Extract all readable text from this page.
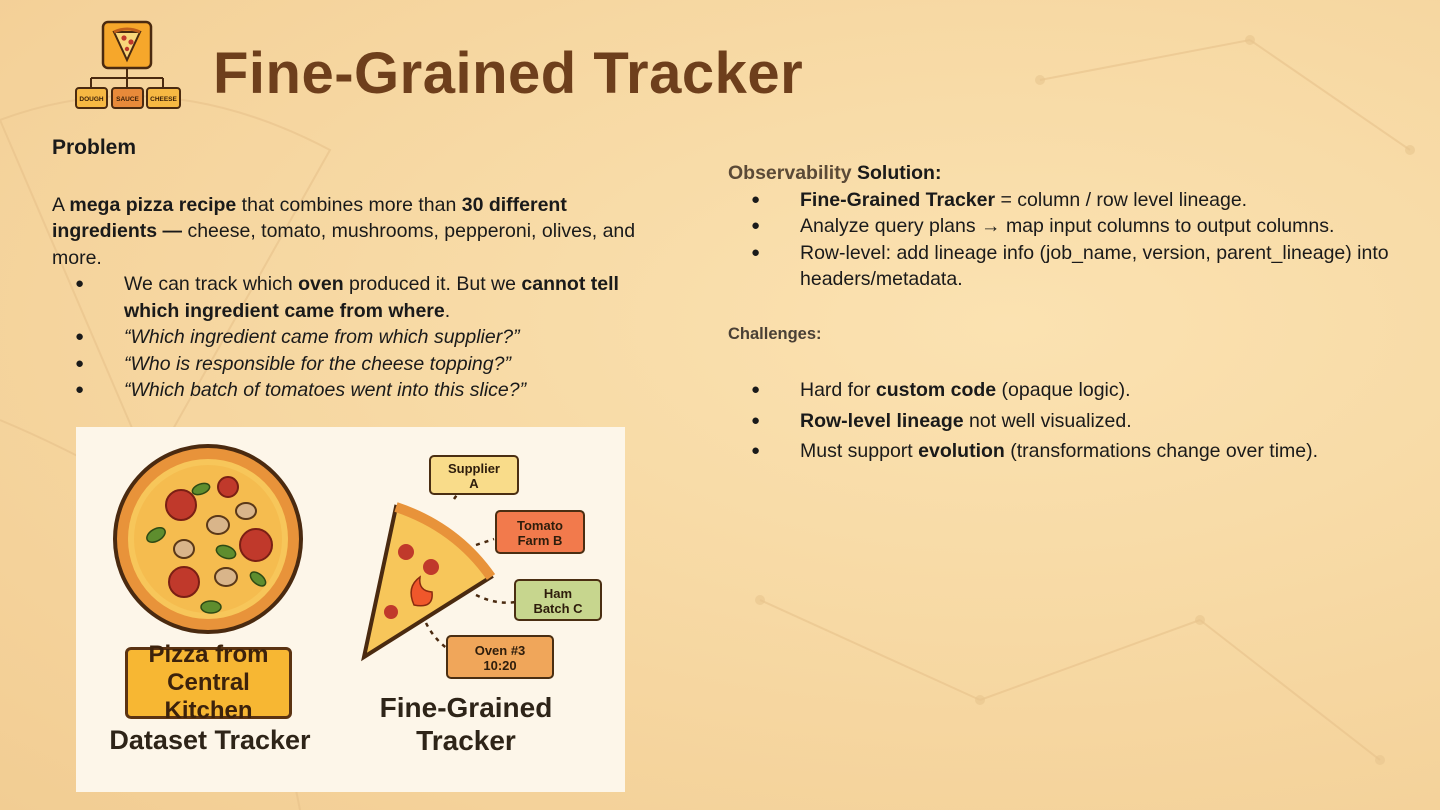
DOUGH SAUCE CHEESE Fine-Grained Tracker

Problem

A mega pizza recipe that combines more than 30 different ingredients — cheese, tomato, mushrooms, pepperoni, olives, and more.

● We can track which oven produced it. But we cannot tell which ingredient came from where.
● “Which ingredient came from which supplier?”
● “Who is responsible for the cheese topping?”
● “Which batch of tomatoes went into this slice?”
Supplier
A
Tomato
Farm B
Ham
Batch C
Oven #3
10:20
Pizza from
Central Kitchen
Dataset Tracker
Fine-Grained
Tracker

Observability Solution:

● Fine-Grained Tracker = column / row level lineage.
● Analyze query plans → map input columns to output columns.
● Row-level: add lineage info (job_name, version, parent_lineage) into headers/metadata.

Challenges:

● Hard for custom code (opaque logic).
● Row-level lineage not well visualized.
● Must support evolution (transformations change over time).
